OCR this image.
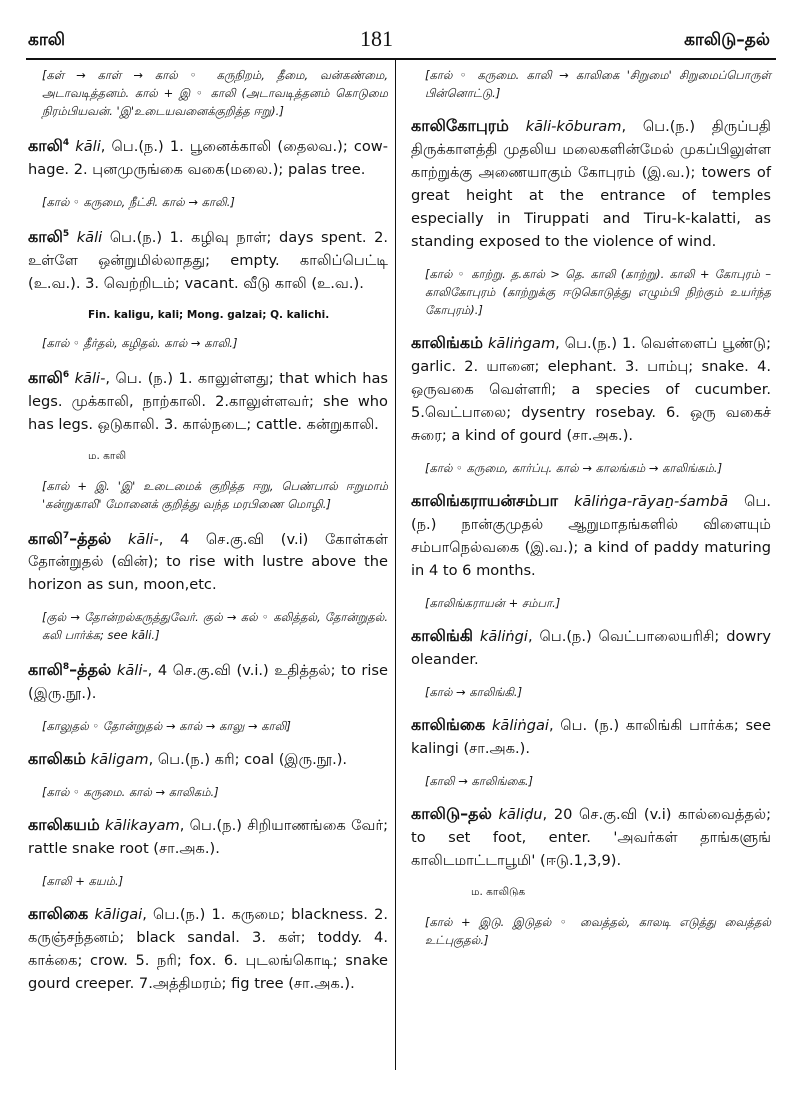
காலி	181	காலிடு–தல்
[கள் → காள் → கால் ◦ கருநிறம், தீமை, வன்கண்மை, அடாவடித்தனம். கால் + இ ◦ காலி (அடாவடித்தனம் கொடுமை நிரம்பியவன். 'இ'உடையவனைக்குறித்த ஈறு).]
காலி$^4$ kāli, பெ.(ந.) 1. பூனைக்காலி (தைலவ.); cow-hage. 2. புனமுருங்கை வகை(மலை.); palas tree.
[கால் ◦ கருமை, நீட்சி. கால் → காலி.]
காலி$^5$ kāli பெ.(ந.) 1. கழிவு நாள்; days spent. 2. உள்ளே ஒன்றுமில்லாதது; empty. காலிப்பெட்டி (உ.வ.). 3. வெற்றிடம்; vacant. வீடு காலி (உ.வ.).
Fin. kaligu, kali; Mong. galzai; Q. kalichi.
[கால் ◦ தீர்தல், கழிதல். கால் → காலி.]
காலி$^6$ kāli-, பெ. (ந.) 1. காலுள்ளது; that which has legs. முக்காலி, நாற்காலி. 2.காலுள்ளவர்; she who has legs. ஒடுகாலி. 3. கால்நடை; cattle. கன்றுகாலி.
ம. காலி
[கால் + இ. 'இ' உடைமைக் குறித்த ஈறு, பெண்பால் ஈறுமாம் 'கன்றுகாலி' மோனைக் குறித்து வந்த மரபிணை மொழி.]
காலி$^7$–த்தல் kāli-, 4 செ.கு.வி (v.i) கோள்கள் தோன்றுதல் (வின்); to rise with lustre above the horizon as sun, moon,etc.
[குல் → தோன்றல்கருத்துவேர். குல் → கல் ◦ கலித்தல், தோன்றுதல். கலி பார்க்க; see kāli.]
காலி$^8$–த்தல் kāli-, 4 செ.கு.வி (v.i.) உதித்தல்; to rise (இரு.நூ.).
[காலுதல் ◦ தோன்றுதல் → கால் → காலு → காலி]
காலிகம் kāligam, பெ.(ந.) கரி; coal (இரு.நூ.).
[கால் ◦ கருமை. கால் → காலிகம்.]
காலிகயம் kālikayam, பெ.(ந.) சிறியாணங்கை வேர்; rattle snake root (சா.அக.).
[காலி + கயம்.]
காலிகை kāligai, பெ.(ந.) 1. கருமை; blackness. 2. கருஞ்சந்தனம்; black sandal. 3. கள்; toddy. 4. காக்கை; crow. 5. நரி; fox. 6. புடலங்கொடி; snake gourd creeper. 7.அத்திமரம்; fig tree (சா.அக.).
[கால் ◦ கருமை. காலி → காலிகை 'சிறுமை' சிறுமைப்பொருள் பின்னொட்டு.]
காலிகோபுரம் kāli-kōburam, பெ.(ந.) திருப்பதி திருக்காளத்தி முதலிய மலைகளின்மேல் முகப்பிலுள்ள காற்றுக்கு அணையாகும் கோபுரம் (இ.வ.); towers of great height at the entrance of temples especially in Tiruppati and Tiru-k-kalatti, as standing exposed to the violence of wind.
[கால் ◦ காற்று. த.கால் > தெ. காலி (காற்று). காலி + கோபுரம் – காலிகோபுரம் (காற்றுக்கு ஈடுகொடுத்து எழும்பி நிற்கும் உயர்ந்த கோபுரம்).]
காலிங்கம் kāliṅgam, பெ.(ந.) 1. வெள்ளைப் பூண்டு; garlic. 2. யானை; elephant. 3. பாம்பு; snake. 4. ஒருவகை வெள்ளரி; a species of cucumber. 5.வெட்பாலை; dysentry rosebay. 6. ஒரு வகைச் சுரை; a kind of gourd (சா.அக.).
[கால் ◦ கருமை, கார்ப்பு. கால் → காலங்கம் → காலிங்கம்.]
காலிங்கராயன்சம்பா kāliṅga-rāyaṉ-śambā பெ.(ந.) நான்குமுதல் ஆறுமாதங்களில் விளையும் சம்பாநெல்வகை (இ.வ.); a kind of paddy maturing in 4 to 6 months.
[காலிங்கராயன் + சம்பா.]
காலிங்கி kāliṅgi, பெ.(ந.) வெட்பாலையரிசி; dowry oleander.
[கால் → காலிங்கி.]
காலிங்கை kāliṅgai, பெ. (ந.) காலிங்கி பார்க்க; see kalingi (சா.அக.).
[காலி → காலிங்கை.]
காலிடு–தல் kāliḍu, 20 செ.கு.வி (v.i) கால்வைத்தல்; to set foot, enter. 'அவர்கள் தாங்களுங் காலிடமாட்டாபூமி' (ஈடு.1,3,9).
ம. காலிடுக
[கால் + இடு. இடுதல் ◦ வைத்தல், காலடி எடுத்து வைத்தல் உட்புகுதல்.]
